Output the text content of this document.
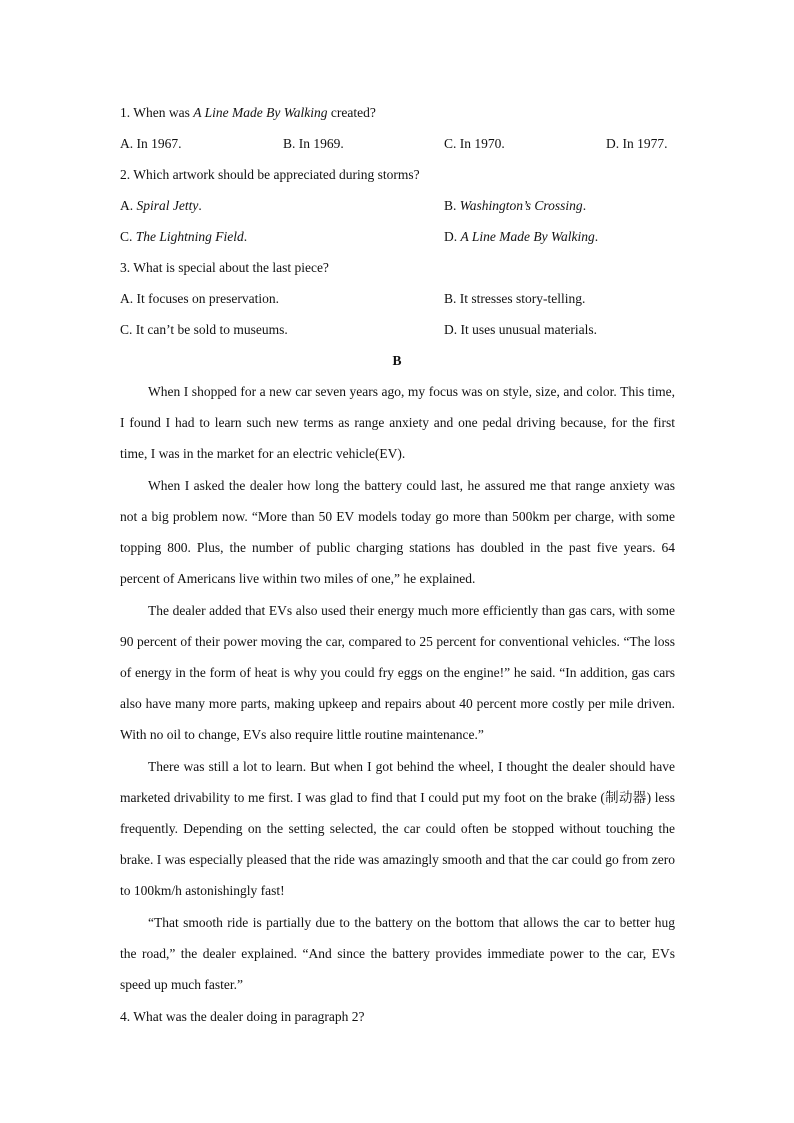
1. When was A Line Made By Walking created?
A. In 1967.	B. In 1969.	C. In 1970.	D. In 1977.
2. Which artwork should be appreciated during storms?
A. Spiral Jetty.	B. Washington’s Crossing.
C. The Lightning Field.	D. A Line Made By Walking.
3. What is special about the last piece?
A. It focuses on preservation.	B. It stresses story-telling.
C. It can’t be sold to museums.	D. It uses unusual materials.
B
When I shopped for a new car seven years ago, my focus was on style, size, and color. This time, I found I had to learn such new terms as range anxiety and one pedal driving because, for the first time, I was in the market for an electric vehicle(EV).
When I asked the dealer how long the battery could last, he assured me that range anxiety was not a big problem now. “More than 50 EV models today go more than 500km per charge, with some topping 800. Plus, the number of public charging stations has doubled in the past five years. 64 percent of Americans live within two miles of one,” he explained.
The dealer added that EVs also used their energy much more efficiently than gas cars, with some 90 percent of their power moving the car, compared to 25 percent for conventional vehicles. “The loss of energy in the form of heat is why you could fry eggs on the engine!” he said. “In addition, gas cars also have many more parts, making upkeep and repairs about 40 percent more costly per mile driven. With no oil to change, EVs also require little routine maintenance.”
There was still a lot to learn. But when I got behind the wheel, I thought the dealer should have marketed drivability to me first. I was glad to find that I could put my foot on the brake (制动器) less frequently. Depending on the setting selected, the car could often be stopped without touching the brake. I was especially pleased that the ride was amazingly smooth and that the car could go from zero to 100km/h astonishingly fast!
“That smooth ride is partially due to the battery on the bottom that allows the car to better hug the road,” the dealer explained. “And since the battery provides immediate power to the car, EVs speed up much faster.”
4. What was the dealer doing in paragraph 2?
